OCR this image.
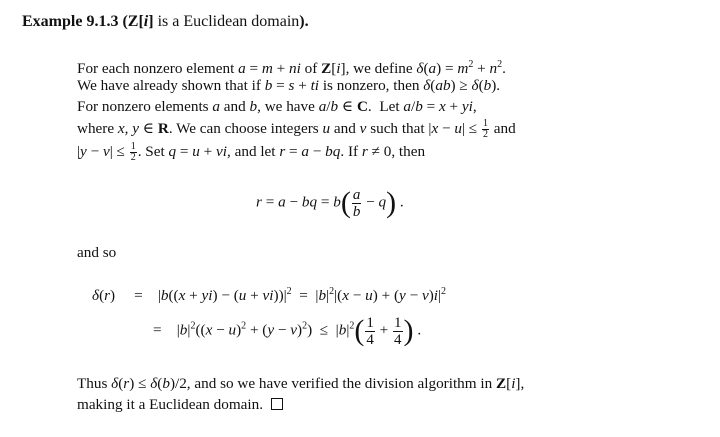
Example 9.1.3 (Z[i] is a Euclidean domain).
For each nonzero element a = m + ni of Z[i], we define $\delta(a) = m^2 + n^2$.
We have already shown that if b = s + ti is nonzero, then δ(ab) ≥ δ(b).
For nonzero elements a and b, we have a/b ∈ C.  Let a/b = x + yi,
where x, y ∈ R. We can choose integers u and v such that $|x - u| \le \frac{1}{2}$ and
$|y - v| \le \frac{1}{2}$ . Set q = u + vi, and let r = a − bq. If r ≠ 0, then
r = a − bq = $b( \frac{a}{b} - q)$ .
and so
δ(r)     =    $|b((x + yi) - (u + vi))|^2 = |b|^2|(x - u) + (y - v)i|^2$
=    $|b|^2((x - u)^2 + (y - v)^2) \le |b|^2( \frac{1}{4} + \frac{1}{4}$ ) .
Thus δ(r) ≤ δ(b)/2, and so we have verified the division algorithm in Z[i],
making it a Euclidean domain.
